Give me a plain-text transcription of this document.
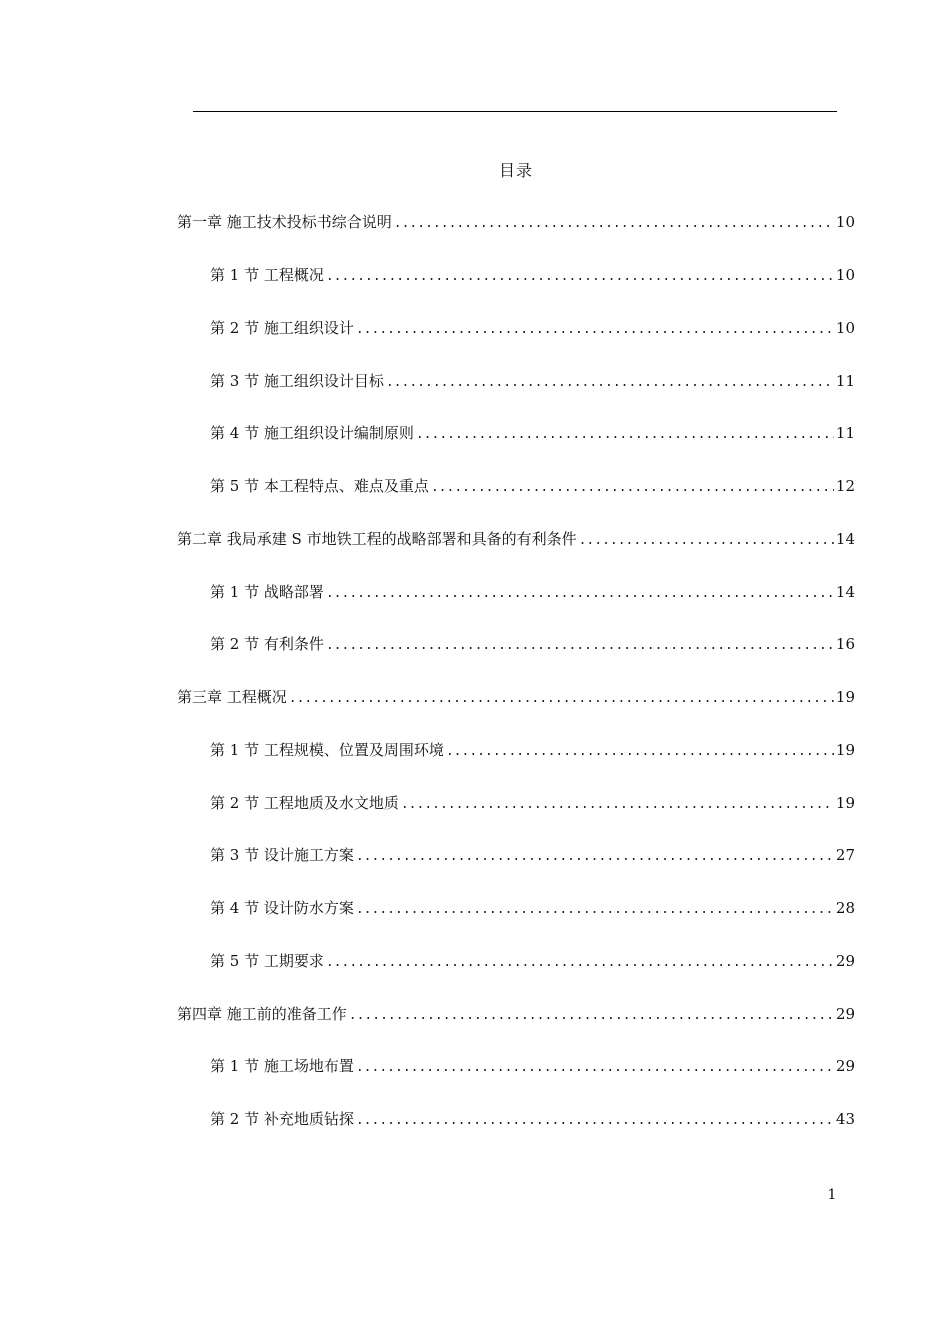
目录
第一章 施工技术投标书综合说明 .....	10
第 1 节 工程概况 .....	10
第 2 节 施工组织设计 .....	10
第 3 节 施工组织设计目标 .....	11
第 4 节 施工组织设计编制原则 .....	11
第 5 节 本工程特点、难点及重点 .....	12
第二章 我局承建 S 市地铁工程的战略部署和具备的有利条件 .....	14
第 1 节 战略部署 .....	14
第 2 节 有利条件 .....	16
第三章 工程概况 .....	19
第 1 节 工程规模、位置及周围环境 .....	19
第 2 节 工程地质及水文地质 .....	19
第 3 节 设计施工方案 .....	27
第 4 节 设计防水方案 .....	28
第 5 节 工期要求 .....	29
第四章 施工前的准备工作 .....	29
第 1 节 施工场地布置 .....	29
第 2 节 补充地质钻探 .....	43
1
